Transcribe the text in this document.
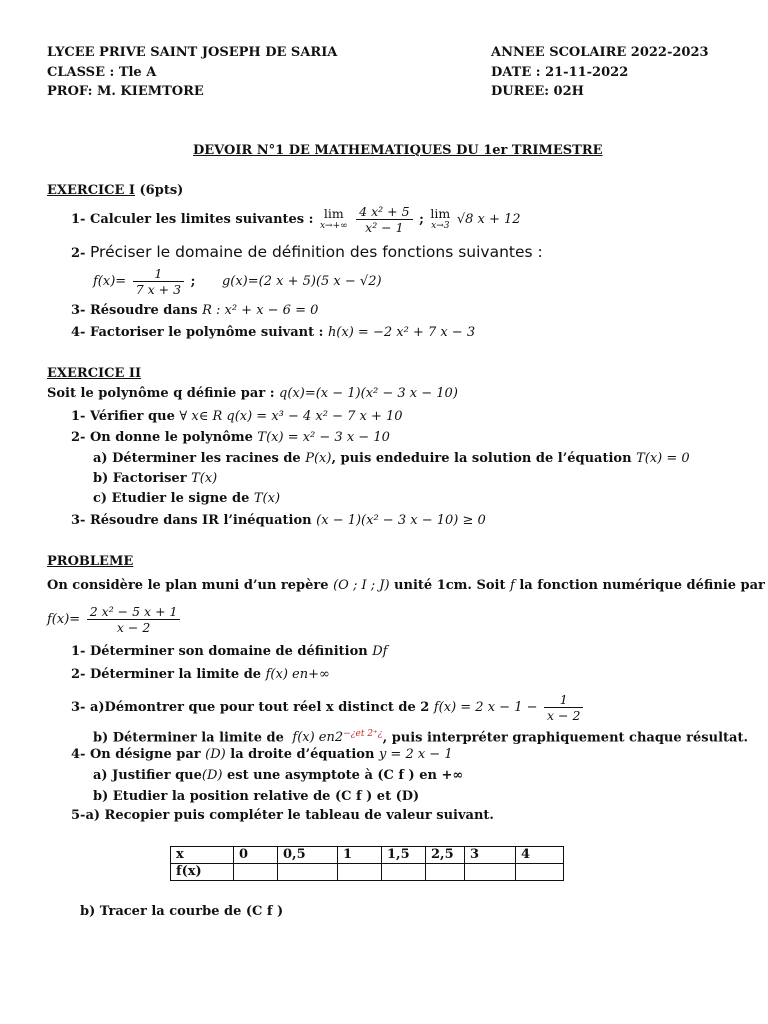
LYCEE PRIVE SAINT JOSEPH DE SARIA
CLASSE : Tle A
PROF: M. KIEMTORE
ANNEE SCOLAIRE 2022-2023
DATE : 21-11-2022
DUREE: 02H
DEVOIR N°1 DE MATHEMATIQUES DU 1er TRIMESTRE
EXERCICE I (6pts)
1- Calculer les limites suivantes : lim
x→+∞
$\frac{\text{4 x² + 5}}{\text{x² − 1}}$ ; lim
x→3 √8 x + 12
2- Préciser le domaine de définition des fonctions suivantes :
$f(x)= \frac{1}{7 x + 3}$ ; g(x)=(2 x + 5)(5 x − √2)
3- Résoudre dans R : x² + x − 6 = 0
4- Factoriser le polynôme suivant : h(x) = −2 x² + 7 x − 3
EXERCICE II
Soit le polynôme q définie par : q(x)=(x − 1)(x² − 3 x − 10)
1- Vérifier que ∀ x∈ R q(x) = x³ − 4 x² − 7 x + 10
2- On donne le polynôme T(x) = x² − 3 x − 10
a) Déterminer les racines de P(x), puis endeduire la solution de l’équation T(x) = 0
b) Factoriser T(x)
c) Etudier le signe de T(x)
3- Résoudre dans IR l’inéquation (x − 1)(x² − 3 x − 10) ≥ 0
PROBLEME
On considère le plan muni d’un repère (O ; I ; J) unité 1cm. Soit f la fonction numérique définie par
$f(x)= \frac{\text{2 x² − 5 x + 1}}{x - 2}$
1- Déterminer son domaine de définition Df
2- Déterminer la limite de f(x) en+∞
3- a)Démontrer que pour tout réel x distinct de 2 f(x) = 2 $x - 1 - \frac{1}{x - 2}$
b) Déterminer la limite de f(x) $en2^{-¿et 2^+¿}$, puis interpréter graphiquement chaque résultat.
4- On désigne par (D) la droite d’équation y = 2 x − 1
a) Justifier que(D) est une asymptote à (C f ) en +∞
b) Etudier la position relative de (C f ) et (D)
5-a) Recopier puis compléter le tableau de valeur suivant.
x	0	0,5	1	1,5	2,5	3	4
f(x)							
b) Tracer la courbe de (C f )
